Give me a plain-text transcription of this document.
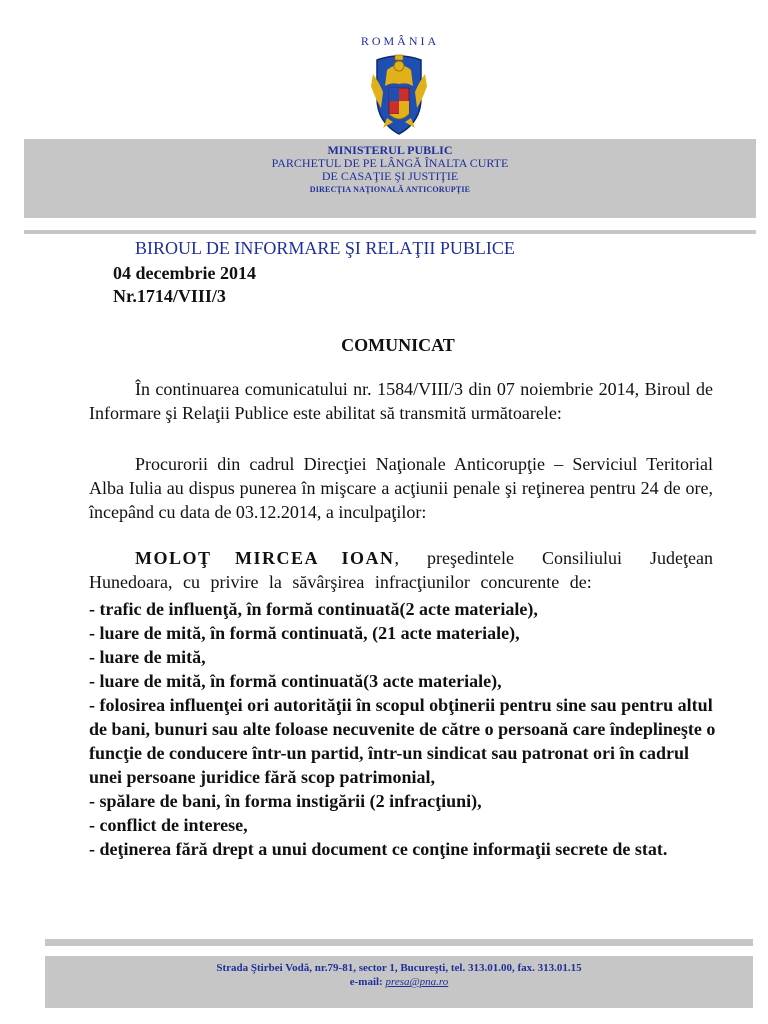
ROMÂNIA
MINISTERUL PUBLIC
PARCHETUL DE PE LÂNGĂ ÎNALTA CURTE
DE CASAŢIE ŞI JUSTIŢIE
DIRECŢIA NAŢIONALĂ ANTICORUPŢIE
BIROUL DE INFORMARE ŞI RELAŢII PUBLICE
04 decembrie 2014
Nr.1714/VIII/3
COMUNICAT

În continuarea comunicatului nr. 1584/VIII/3 din 07 noiembrie 2014, Biroul de Informare şi Relaţii Publice este abilitat să transmită următoarele:

Procurorii din cadrul Direcţiei Naţionale Anticorupţie – Serviciul Teritorial Alba Iulia au dispus punerea în mişcare a acţiunii penale şi reţinerea pentru 24 de ore, începând cu data de 03.12.2014, a inculpaţilor:

MOLOŢ MIRCEA IOAN, preşedintele Consiliului Judeţean Hunedoara, cu privire la săvârşirea infracţiunilor concurente de:

- trafic de influenţă, în formă continuată(2 acte materiale),
- luare de mită, în formă continuată, (21 acte materiale),
- luare de mită,
- luare de mită, în formă continuată(3 acte materiale),
- folosirea influenţei ori autorităţii în scopul obţinerii pentru sine sau pentru altul de bani, bunuri sau alte foloase necuvenite de către o persoană care îndeplineşte o funcţie de conducere într-un partid, într-un sindicat sau patronat ori în cadrul unei persoane juridice fără scop patrimonial,
- spălare de bani, în forma instigării (2 infracţiuni),
- conflict de interese,
- deţinerea fără drept a unui document ce conţine informaţii secrete de stat.
Strada Ştirbei Vodă, nr.79-81, sector 1, Bucureşti, tel. 313.01.00, fax. 313.01.15
e-mail: presa@pna.ro
